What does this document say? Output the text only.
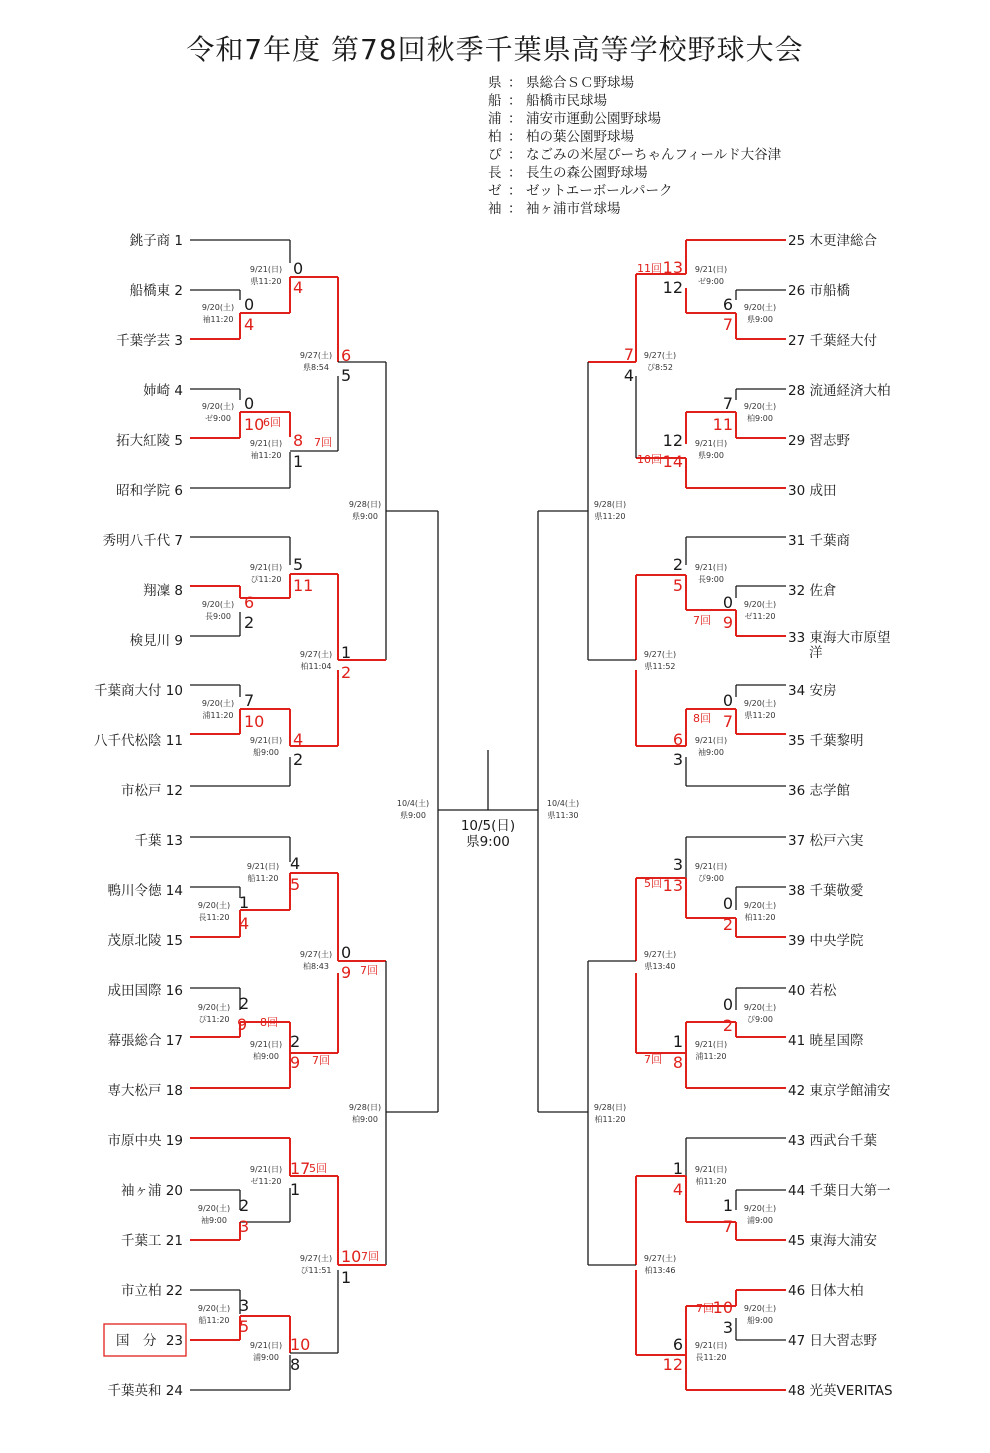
令和7年度 第78回秋季千葉県高等学校野球大会
県 ： 県総合ＳＣ野球場
船 ： 船橋市民球場
浦 ： 浦安市運動公園野球場
柏 ： 柏の葉公園野球場
ぴ ： なごみの米屋ぴーちゃんフィールド大谷津
長 ： 長生の森公園野球場
ゼ ： ゼットエーボールパーク
袖 ： 袖ヶ浦市営球場
銚子商 1
船橋東 2
千葉学芸 3
姉崎 4
拓大紅陵 5
昭和学院 6
秀明八千代 7
翔凜 8
検見川 9
千葉商大付 10
八千代松陰 11
市松戸 12
千葉 13
鴨川令徳 14
茂原北陵 15
成田国際 16
幕張総合 17
専大松戸 18
市原中央 19
袖ヶ浦 20
千葉工 21
市立柏 22
国　分 23
千葉英和 24
25 木更津総合
26 市船橋
27 千葉経大付
28 流通経済大柏
29 習志野
30 成田
31 千葉商
32 佐倉
33 東海大市原望
洋
34 安房
35 千葉黎明
36 志学館
37 松戸六実
38 千葉敬愛
39 中央学院
40 若松
41 暁星国際
42 東京学館浦安
43 西武台千葉
44 千葉日大第一
45 東海大浦安
46 日体大柏
47 日大習志野
48 光英VERITAS
9/21(日)
県11:20
9/20(土)
袖11:20
9/27(土)
県8:54
9/20(土)
ゼ9:00
9/21(日)
袖11:20
9/28(日)
県9:00
9/21(日)
ぴ11:20
9/20(土)
長9:00
9/27(土)
柏11:04
9/20(土)
浦11:20
9/21(日)
船9:00
10/4(土)
県9:00
9/21(日)
船11:20
9/20(土)
長11:20
9/27(土)
柏8:43
9/20(土)
ぴ11:20
9/21(日)
柏9:00
9/28(日)
柏9:00
9/21(日)
ゼ11:20
9/20(土)
袖9:00
9/27(土)
ぴ11:51
9/20(土)
船11:20
9/21(日)
浦9:00
9/21(日)
ゼ9:00
9/20(土)
県9:00
9/27(土)
ぴ8:52
9/20(土)
柏9:00
9/21(日)
県9:00
9/28(日)
県11:20
9/21(日)
長9:00
9/20(土)
ゼ11:20
9/27(土)
県11:52
9/20(土)
県11:20
9/21(日)
袖9:00
10/4(土)
県11:30
9/21(日)
ぴ9:00
9/20(土)
柏11:20
9/27(土)
県13:40
9/20(土)
ぴ9:00
9/21(日)
浦11:20
9/28(日)
柏11:20
9/21(日)
柏11:20
9/20(土)
浦9:00
9/27(土)
柏13:46
9/20(土)
船9:00
9/21(日)
長11:20
10/5(日)
県9:00
0
4
0
4
6
5
0
10
6回
8 7回
1
5
11
6
2
1
2
7
10
4
2
4
5
1
4
0
9 7回
2
9 8回
2
9 7回
17
5回
1
2
3
10 7回
1
3
5
10
8
11回 13
12
6
7
7
4
7
11
12
10回 14
2
5
0
9
7回
0
7
8回
6
3
3
5回 13
0
2
1
8
7回
0
2
1
4
1
7
7回
10
3
6
12
